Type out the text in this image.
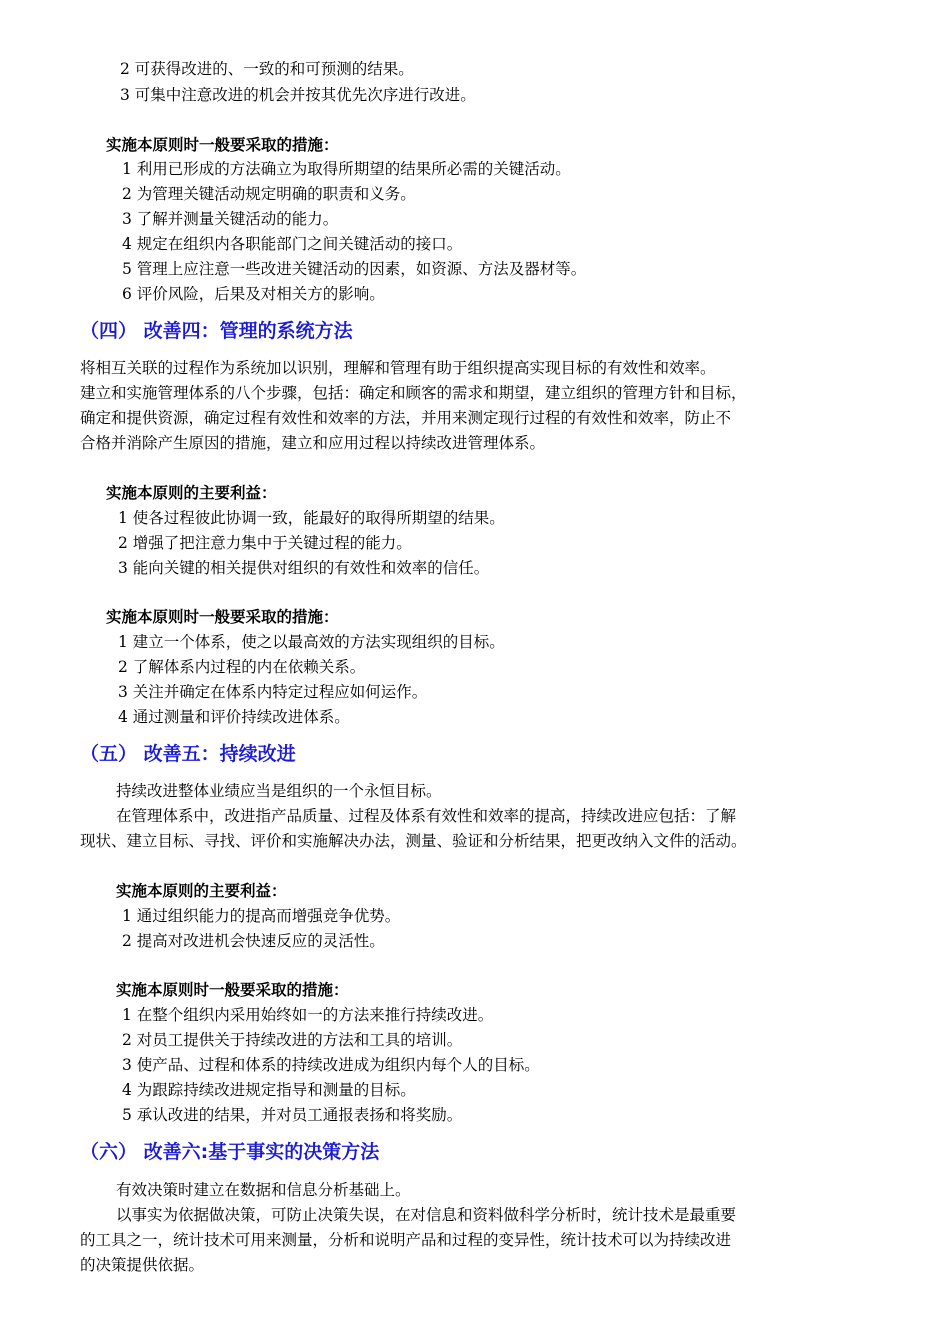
2 可获得改进的、一致的和可预测的结果。
3 可集中注意改进的机会并按其优先次序进行改进。
实施本原则时一般要采取的措施：
1 利用已形成的方法确立为取得所期望的结果所必需的关键活动。
2 为管理关键活动规定明确的职责和义务。
3 了解并测量关键活动的能力。
4 规定在组织内各职能部门之间关键活动的接口。
5 管理上应注意一些改进关键活动的因素，如资源、方法及器材等。
6 评价风险，后果及对相关方的影响。
（四） 改善四：管理的系统方法
将相互关联的过程作为系统加以识别，理解和管理有助于组织提高实现目标的有效性和效率。
建立和实施管理体系的八个步骤，包括：确定和顾客的需求和期望，建立组织的管理方针和目标，
确定和提供资源，确定过程有效性和效率的方法，并用来测定现行过程的有效性和效率，防止不
合格并消除产生原因的措施，建立和应用过程以持续改进管理体系。
实施本原则的主要利益：
1 使各过程彼此协调一致，能最好的取得所期望的结果。
2 增强了把注意力集中于关键过程的能力。
3 能向关键的相关提供对组织的有效性和效率的信任。
实施本原则时一般要采取的措施：
1 建立一个体系，使之以最高效的方法实现组织的目标。
2 了解体系内过程的内在依赖关系。
3 关注并确定在体系内特定过程应如何运作。
4 通过测量和评价持续改进体系。
（五） 改善五：持续改进
持续改进整体业绩应当是组织的一个永恒目标。
在管理体系中，改进指产品质量、过程及体系有效性和效率的提高，持续改进应包括：了解
现状、建立目标、寻找、评价和实施解决办法，测量、验证和分析结果，把更改纳入文件的活动。
实施本原则的主要利益：
1 通过组织能力的提高而增强竞争优势。
2 提高对改进机会快速反应的灵活性。
实施本原则时一般要采取的措施：
1 在整个组织内采用始终如一的方法来推行持续改进。
2 对员工提供关于持续改进的方法和工具的培训。
3 使产品、过程和体系的持续改进成为组织内每个人的目标。
4 为跟踪持续改进规定指导和测量的目标。
5 承认改进的结果，并对员工通报表扬和将奖励。
（六） 改善六:基于事实的决策方法
有效决策时建立在数据和信息分析基础上。
以事实为依据做决策，可防止决策失误，在对信息和资料做科学分析时，统计技术是最重要
的工具之一，统计技术可用来测量，分析和说明产品和过程的变异性，统计技术可以为持续改进
的决策提供依据。
